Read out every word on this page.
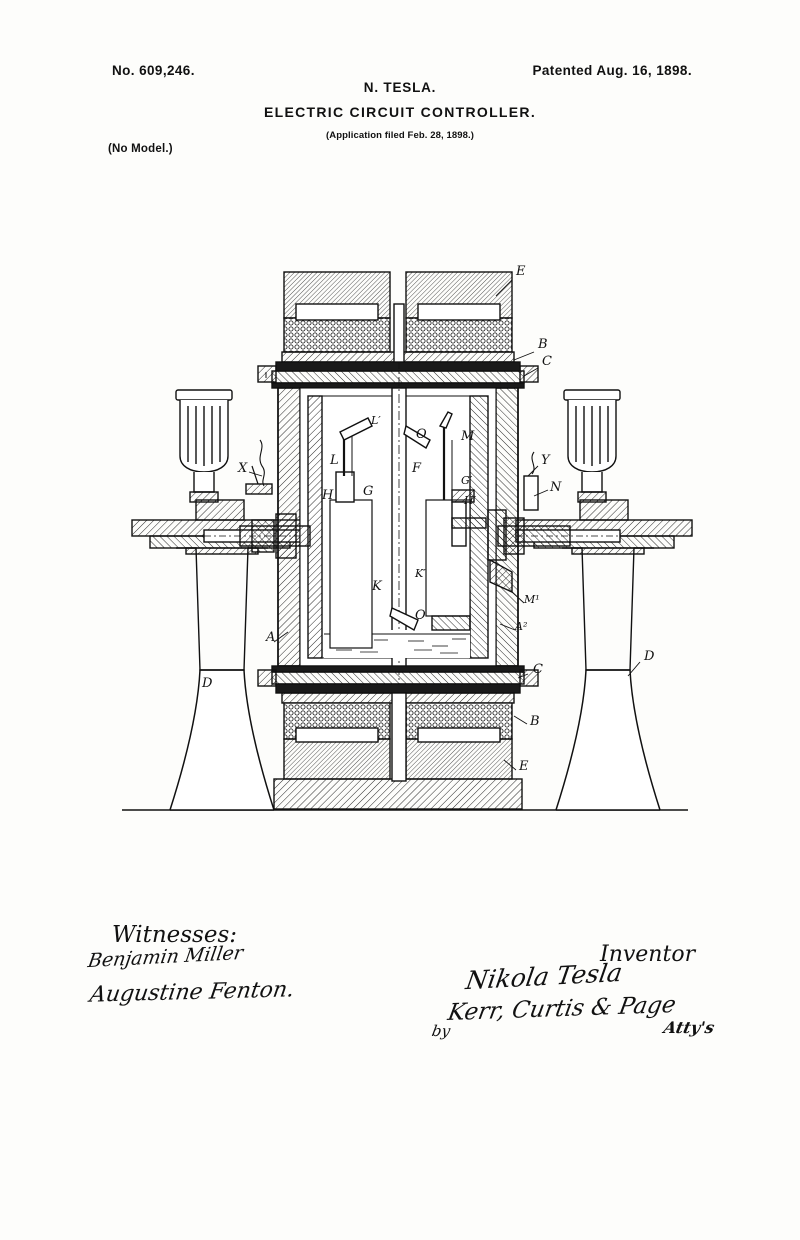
No. 609,246.	Patented Aug. 16, 1898.
N. TESLA.
ELECTRIC CIRCUIT CONTROLLER.
(Application filed Feb. 28, 1898.)
(No Model.)
E
B
C
L′
O	M
X
Y
L
F
G′	N
H G
H′
K
K′
M¹
O
A
A²
C
D
D
B
E
Witnesses:
Benjamin Miller
Augustine Fenton.
Inventor
Nikola Tesla
Kerr, Curtis & Page
by	Atty's
